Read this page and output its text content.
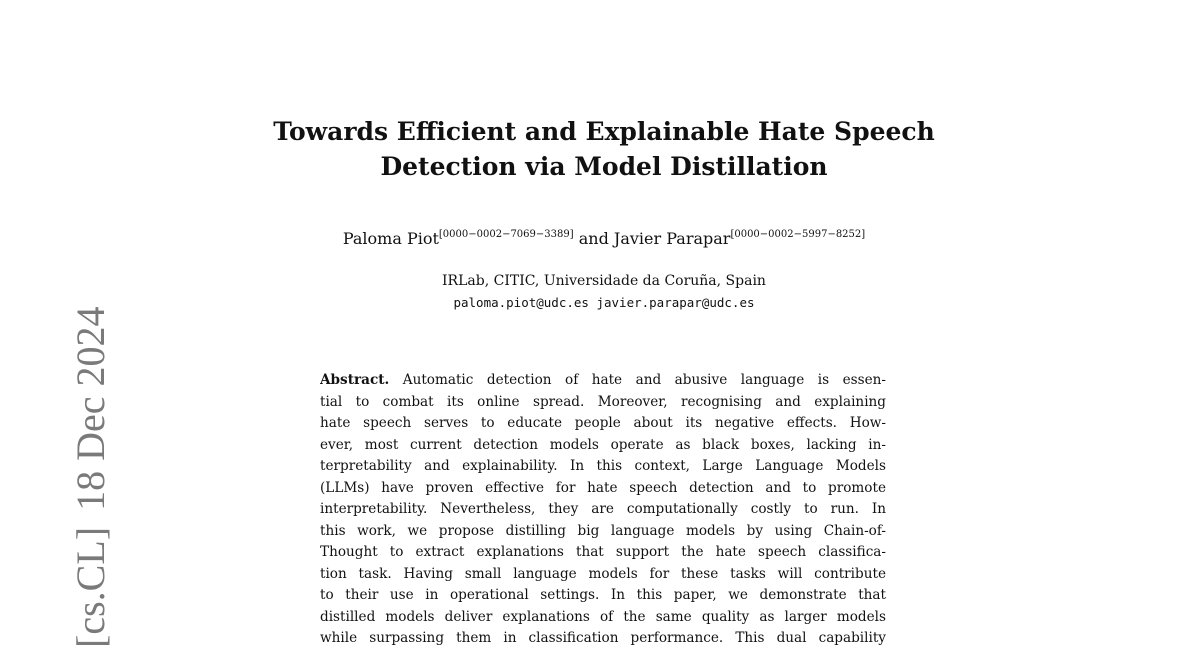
[cs.CL]18 Dec 2024
Towards Efficient and Explainable Hate Speech
Detection via Model Distillation
Paloma Piot[0000−0002−7069−3389] and Javier Parapar[0000−0002−5997−8252]
IRLab, CITIC, Universidade da Coruña, Spain
paloma.piot@udc.es javier.parapar@udc.es
Abstract. Automatic detection of hate and abusive language is essen-
tial to combat its online spread. Moreover, recognising and explaining
hate speech serves to educate people about its negative effects. How-
ever, most current detection models operate as black boxes, lacking in-
terpretability and explainability. In this context, Large Language Models
(LLMs) have proven effective for hate speech detection and to promote
interpretability. Nevertheless, they are computationally costly to run. In
this work, we propose distilling big language models by using Chain-of-
Thought to extract explanations that support the hate speech classifica-
tion task. Having small language models for these tasks will contribute
to their use in operational settings. In this paper, we demonstrate that
distilled models deliver explanations of the same quality as larger models
while surpassing them in classification performance. This dual capability
